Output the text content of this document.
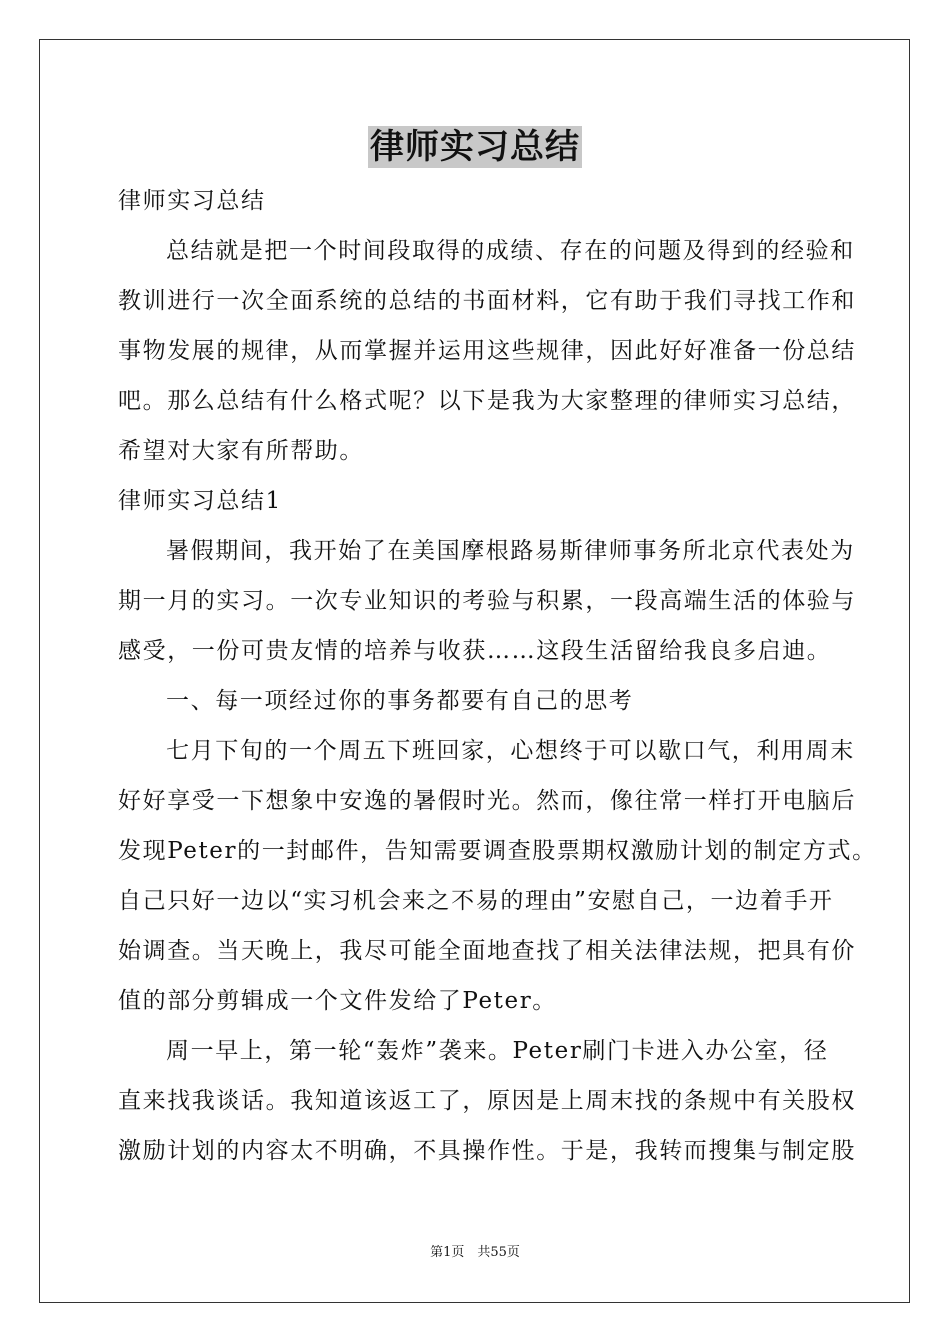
律师实习总结
律师实习总结
总结就是把一个时间段取得的成绩、存在的问题及得到的经验和
教训进行一次全面系统的总结的书面材料，它有助于我们寻找工作和
事物发展的规律，从而掌握并运用这些规律，因此好好准备一份总结
吧。那么总结有什么格式呢？以下是我为大家整理的律师实习总结，
希望对大家有所帮助。
律师实习总结1
暑假期间，我开始了在美国摩根路易斯律师事务所北京代表处为
期一月的实习。一次专业知识的考验与积累，一段高端生活的体验与
感受，一份可贵友情的培养与收获……这段生活留给我良多启迪。
一、每一项经过你的事务都要有自己的思考
七月下旬的一个周五下班回家，心想终于可以歇口气，利用周末
好好享受一下想象中安逸的暑假时光。然而，像往常一样打开电脑后
发现Peter的一封邮件，告知需要调查股票期权激励计划的制定方式。
自己只好一边以“实习机会来之不易的理由”安慰自己，一边着手开
始调查。当天晚上，我尽可能全面地查找了相关法律法规，把具有价
值的部分剪辑成一个文件发给了Peter。
周一早上，第一轮“轰炸”袭来。Peter刷门卡进入办公室，径
直来找我谈话。我知道该返工了，原因是上周末找的条规中有关股权
激励计划的内容太不明确，不具操作性。于是，我转而搜集与制定股
第1页　共55页
